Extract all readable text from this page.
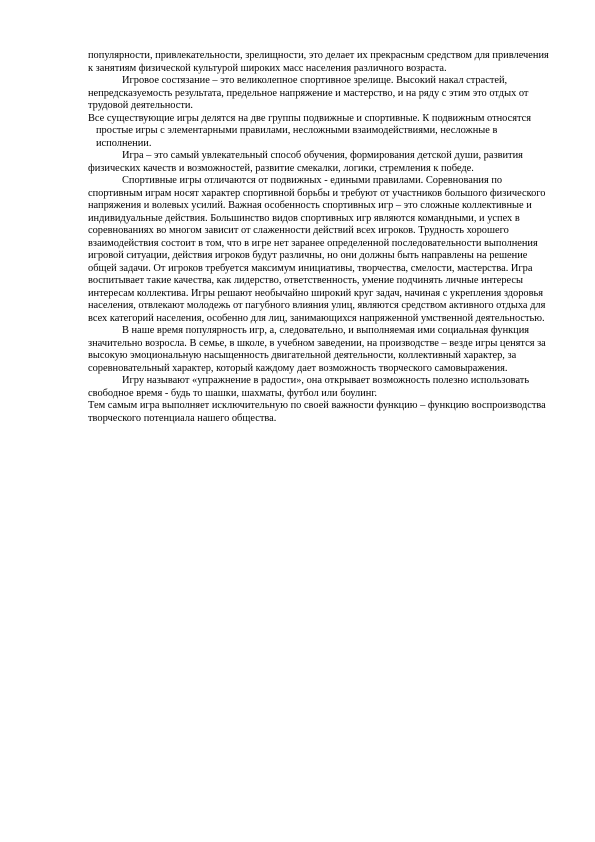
популярности, привлекательности, зрелищности, это делает их прекрасным средством для привлечения к занятиям физической культурой широких масс населения различного возраста.

Игровое состязание – это великолепное спортивное зрелище. Высокий накал страстей, непредсказуемость результата, предельное напряжение и мастерство, и на ряду с этим это отдых от трудовой деятельности.

Все существующие игры делятся на две группы подвижные и спортивные. К подвижным относятся простые игры с элементарными правилами, несложными взаимодействиями, несложные в исполнении.

Игра – это самый увлекательный способ обучения, формирования детской души, развития физических качеств и возможностей, развитие смекалки, логики, стремления к победе.

Спортивные игры отличаются от подвижных - едиными правилами. Соревнования по спортивным играм носят характер спортивной борьбы и требуют от участников большого физического напряжения и волевых усилий. Важная особенность спортивных игр – это сложные коллективные и индивидуальные действия. Большинство видов спортивных игр являются командными, и успех в соревнованиях во многом зависит от слаженности действий всех игроков. Трудность хорошего взаимодействия состоит в том, что в игре нет заранее определенной последовательности выполнения игровой ситуации, действия игроков будут различны, но они должны быть направлены на решение общей задачи. От игроков требуется максимум инициативы, творчества, смелости, мастерства. Игра воспитывает такие качества, как лидерство, ответственность, умение подчинять личные интересы интересам коллектива. Игры решают необычайно широкий круг задач, начиная с укрепления здоровья населения, отвлекают молодежь от пагубного влияния улиц, являются средством активного отдыха для всех категорий населения, особенно для лиц, занимающихся напряженной умственной деятельностью.

В наше время популярность игр, а, следовательно, и выполняемая ими социальная функция значительно возросла. В семье, в школе, в учебном заведении, на производстве – везде игры ценятся за высокую эмоциональную насыщенность двигательной деятельности, коллективный характер, за соревновательный характер, который каждому дает возможность творческого самовыражения.

Игру называют «упражнение в радости», она открывает возможность полезно использовать свободное время - будь то шашки, шахматы, футбол или боулинг.

Тем самым игра выполняет исключительную по своей важности функцию – функцию воспроизводства творческого потенциала нашего общества.
